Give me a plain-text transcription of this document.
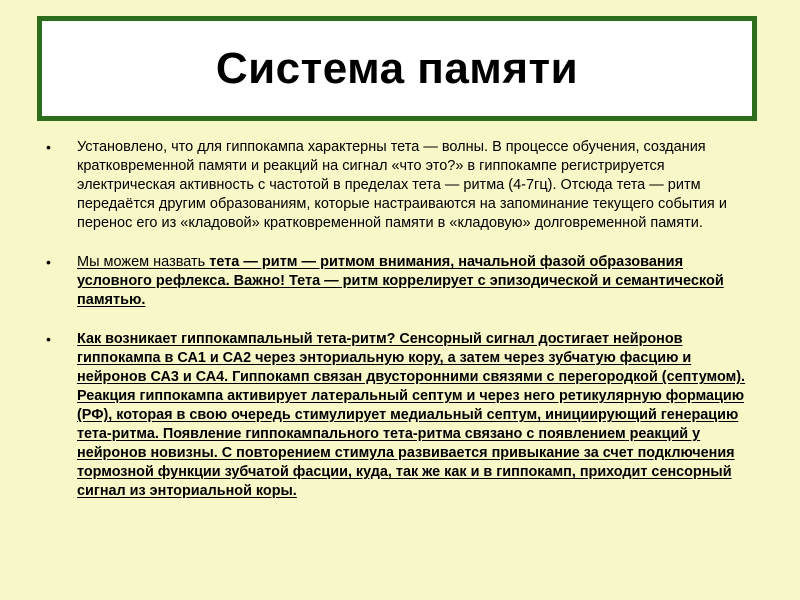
Система памяти
• Установлено, что для гиппокампа характерны тета — волны. В процессе обучения, создания кратковременной памяти и реакций на сигнал «что это?» в гиппокампе регистрируется электрическая активность с частотой в пределах тета — ритма (4-7гц). Отсюда тета — ритм передаётся другим образованиям, которые настраиваются на запоминание текущего события и перенос его из «кладовой» кратковременной памяти в «кладовую» долговременной памяти.
• Мы можем назвать тета — ритм — ритмом внимания, начальной фазой образования условного рефлекса. Важно! Тета — ритм коррелирует с эпизодической и семантической памятью.
• Как возникает гиппокампальный тета-ритм? Сенсорный сигнал достигает нейронов гиппокампа в СА1 и СА2 через энториальную кору, а затем через зубчатую фасцию и нейронов СА3 и СА4. Гиппокамп связан двусторонними связями с перегородкой (септумом). Реакция гиппокампа активирует латеральный септум и через него ретикулярную формацию (РФ), которая в свою очередь стимулирует медиальный септум, инициирующий генерацию тета-ритма. Появление гиппокампального тета-ритма связано с появлением реакций у нейронов новизны. С повторением стимула развивается привыкание за счет подключения тормозной функции зубчатой фасции, куда, так же как и в гиппокамп, приходит сенсорный сигнал из энториальной коры.
